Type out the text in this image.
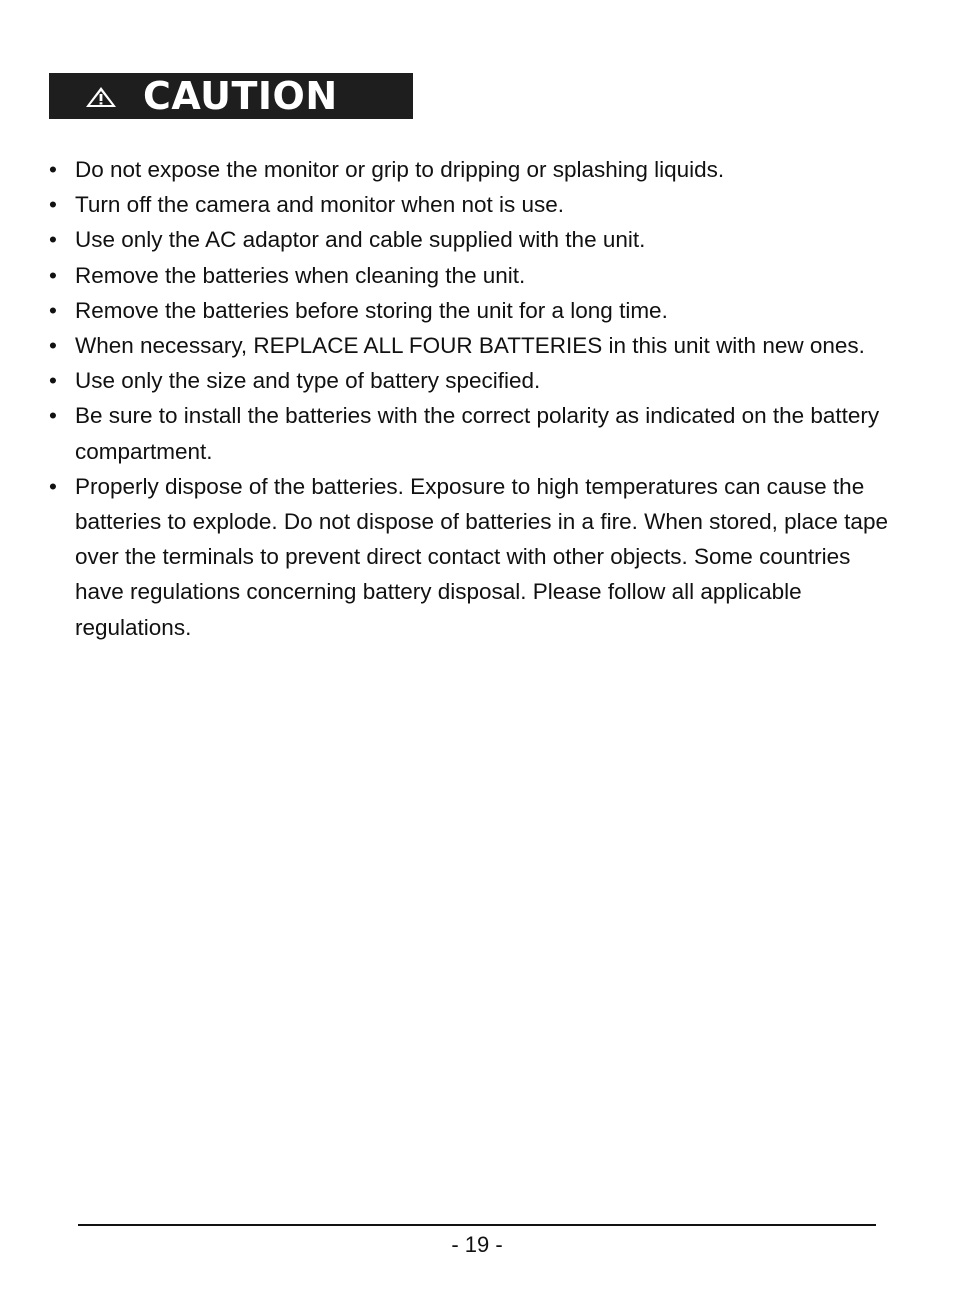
CAUTION
• Do not expose the monitor or grip to dripping or splashing liquids.
• Turn off the camera and monitor when not is use.
• Use only the AC adaptor and cable supplied with the unit.
• Remove the batteries when cleaning the unit.
• Remove the batteries before storing the unit for a long time.
• When necessary, REPLACE ALL FOUR BATTERIES in this unit with new ones.
• Use only the size and type of battery specified.
• Be sure to install the batteries with the correct polarity as indicated on the battery compartment.
• Properly dispose of the batteries. Exposure to high temperatures can cause the batteries to explode. Do not dispose of batteries in a fire. When stored, place tape over the terminals to prevent direct contact with other objects. Some countries have regulations concerning battery disposal. Please follow all applicable regulations.
- 19 -
